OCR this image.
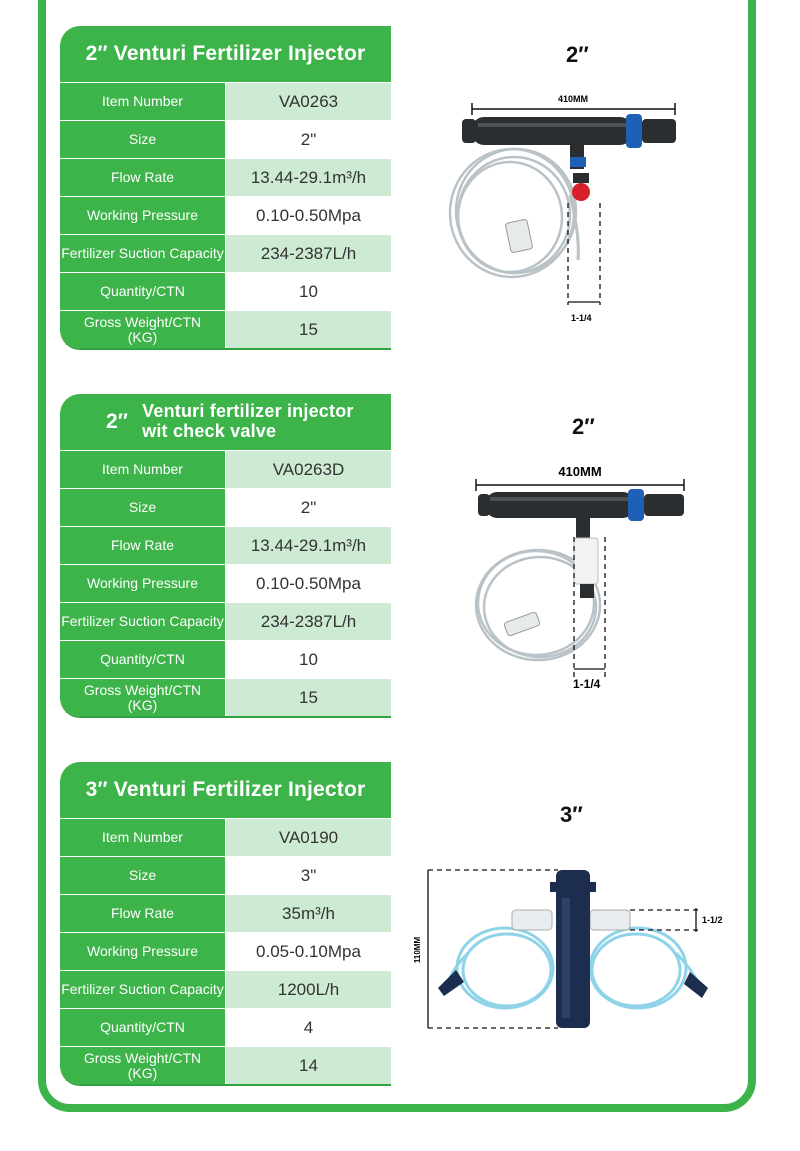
2″ Venturi Fertilizer Injector
Item Number	VA0263
Size	2"
Flow Rate	13.44-29.1m³/h
Working Pressure	0.10-0.50Mpa
Fertilizer Suction Capacity	234-2387L/h
Quantity/CTN	10
Gross Weight/CTN
(KG)	15
2″
410MM
1-1/4
2″ Venturi fertilizer injector
wit check valve
Item Number	VA0263D
Size	2"
Flow Rate	13.44-29.1m³/h
Working Pressure	0.10-0.50Mpa
Fertilizer Suction Capacity	234-2387L/h
Quantity/CTN	10
Gross Weight/CTN
(KG)	15
2″
410MM
1-1/4
3″ Venturi Fertilizer Injector
Item Number	VA0190
Size	3"
Flow Rate	35m³/h
Working Pressure	0.05-0.10Mpa
Fertilizer Suction Capacity	1200L/h
Quantity/CTN	4
Gross Weight/CTN
(KG)	14
3″
110MM
1-1/2
